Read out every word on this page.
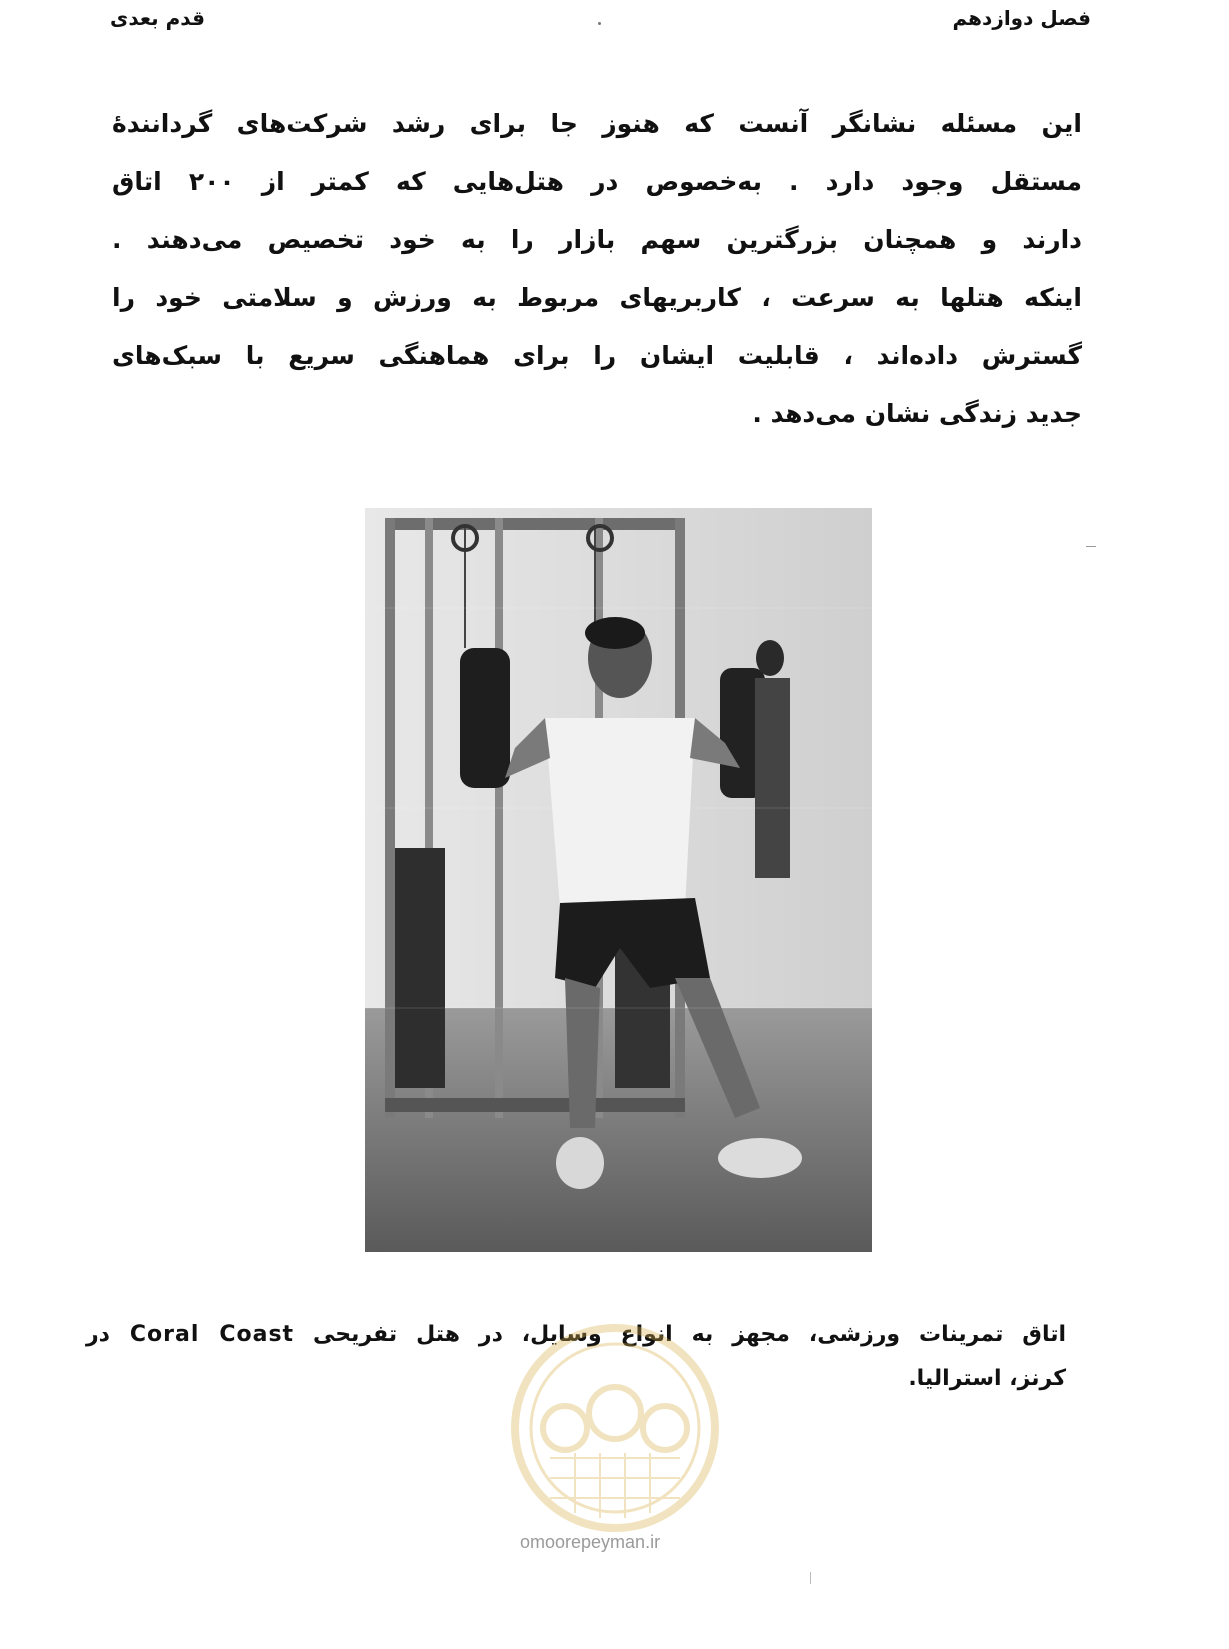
فصل دوازدهم
قدم بعدی
این مسئله نشانگر آنست که هنوز جا برای رشد شرکت‌های گردانندهٔ
مستقل وجود دارد . به‌خصوص در هتل‌هایی که کمتر از ۲۰۰ اتاق
دارند و همچنان بزرگترین سهم بازار را به خود تخصیص می‌دهند .
اینکه هتلها به سرعت ، کاربریهای مربوط به ورزش و سلامتی خود را
گسترش داده‌اند ، قابلیت ایشان را برای هماهنگی سریع با سبک‌های
جدید زندگی نشان می‌دهد .
اتاق تمرینات ورزشی، مجهز به انواع وسایل، در هتل تفریحی Coral Coast در
کرنز، استرالیا.
omoorepeyman.ir
